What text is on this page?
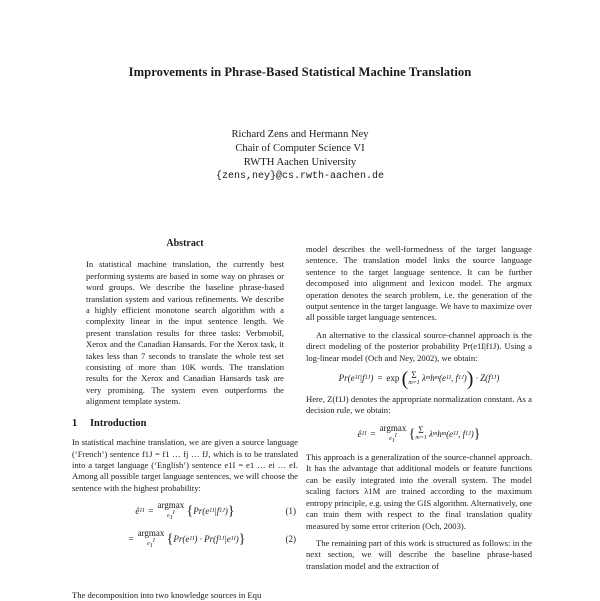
Improvements in Phrase-Based Statistical Machine Translation
Richard Zens and Hermann Ney
Chair of Computer Science VI
RWTH Aachen University
{zens,ney}@cs.rwth-aachen.de
Abstract
In statistical machine translation, the currently best performing systems are based in some way on phrases or word groups. We describe the baseline phrase-based translation system and various refinements. We describe a highly efficient monotone search algorithm with a complexity linear in the input sentence length. We present translation results for three tasks: Verbmobil, Xerox and the Canadian Hansards. For the Xerox task, it takes less than 7 seconds to translate the whole test set consisting of more than 10K words. The translation results for the Xerox and Canadian Hansards task are very promising. The system even outperforms the alignment template system.
1 Introduction

In statistical machine translation, we are given a source language (‘French’) sentence f1J = f1 … fj … fJ, which is to be translated into a target language (‘English’) sentence e1I = e1 … ei … eI. Among all possible target language sentences, we will choose the sentence with the highest probability:

ê 1 I =
argmax
$e_1^I$
{ Pr(e 1 I |f 1 J ) }	(1)
=
argmax
$e_1^I$
{ Pr(e 1 I ) · Pr(f 1 J |e 1 I ) }	(2)
The decomposition into two knowledge sources in Equ

model describes the well-formedness of the target language sentence. The translation model links the source language sentence to the target language sentence. It can be further decomposed into alignment and lexicon model. The argmax operation denotes the search problem, i.e. the generation of the output sentence in the target language. We have to maximize over all possible target language sentences.

An alternative to the classical source-channel approach is the direct modeling of the posterior probability Pr(e1I|f1J). Using a log-linear model (Och and Ney, 2002), we obtain:

Pr(e 1 I |f 1 J ) = exp
( Σ
m=1 λ m h m (e 1 I , f 1 J ) ) · Z(f 1 J )

Here, Z(f1J) denotes the appropriate normalization constant. As a decision rule, we obtain:

ê 1 I =
argmax
$e_1^I$
{ Σ
m=1 λ m h m (e 1 I , f 1 J ) }

This approach is a generalization of the source-channel approach. It has the advantage that additional models or feature functions can be easily integrated into the overall system. The model scaling factors λ1M are trained according to the maximum entropy principle, e.g. using the GIS algorithm. Alternatively, one can train them with respect to the final translation quality measured by some error criterion (Och, 2003).

The remaining part of this work is structured as follows: in the next section, we will describe the baseline phrase-based translation model and the extraction of
